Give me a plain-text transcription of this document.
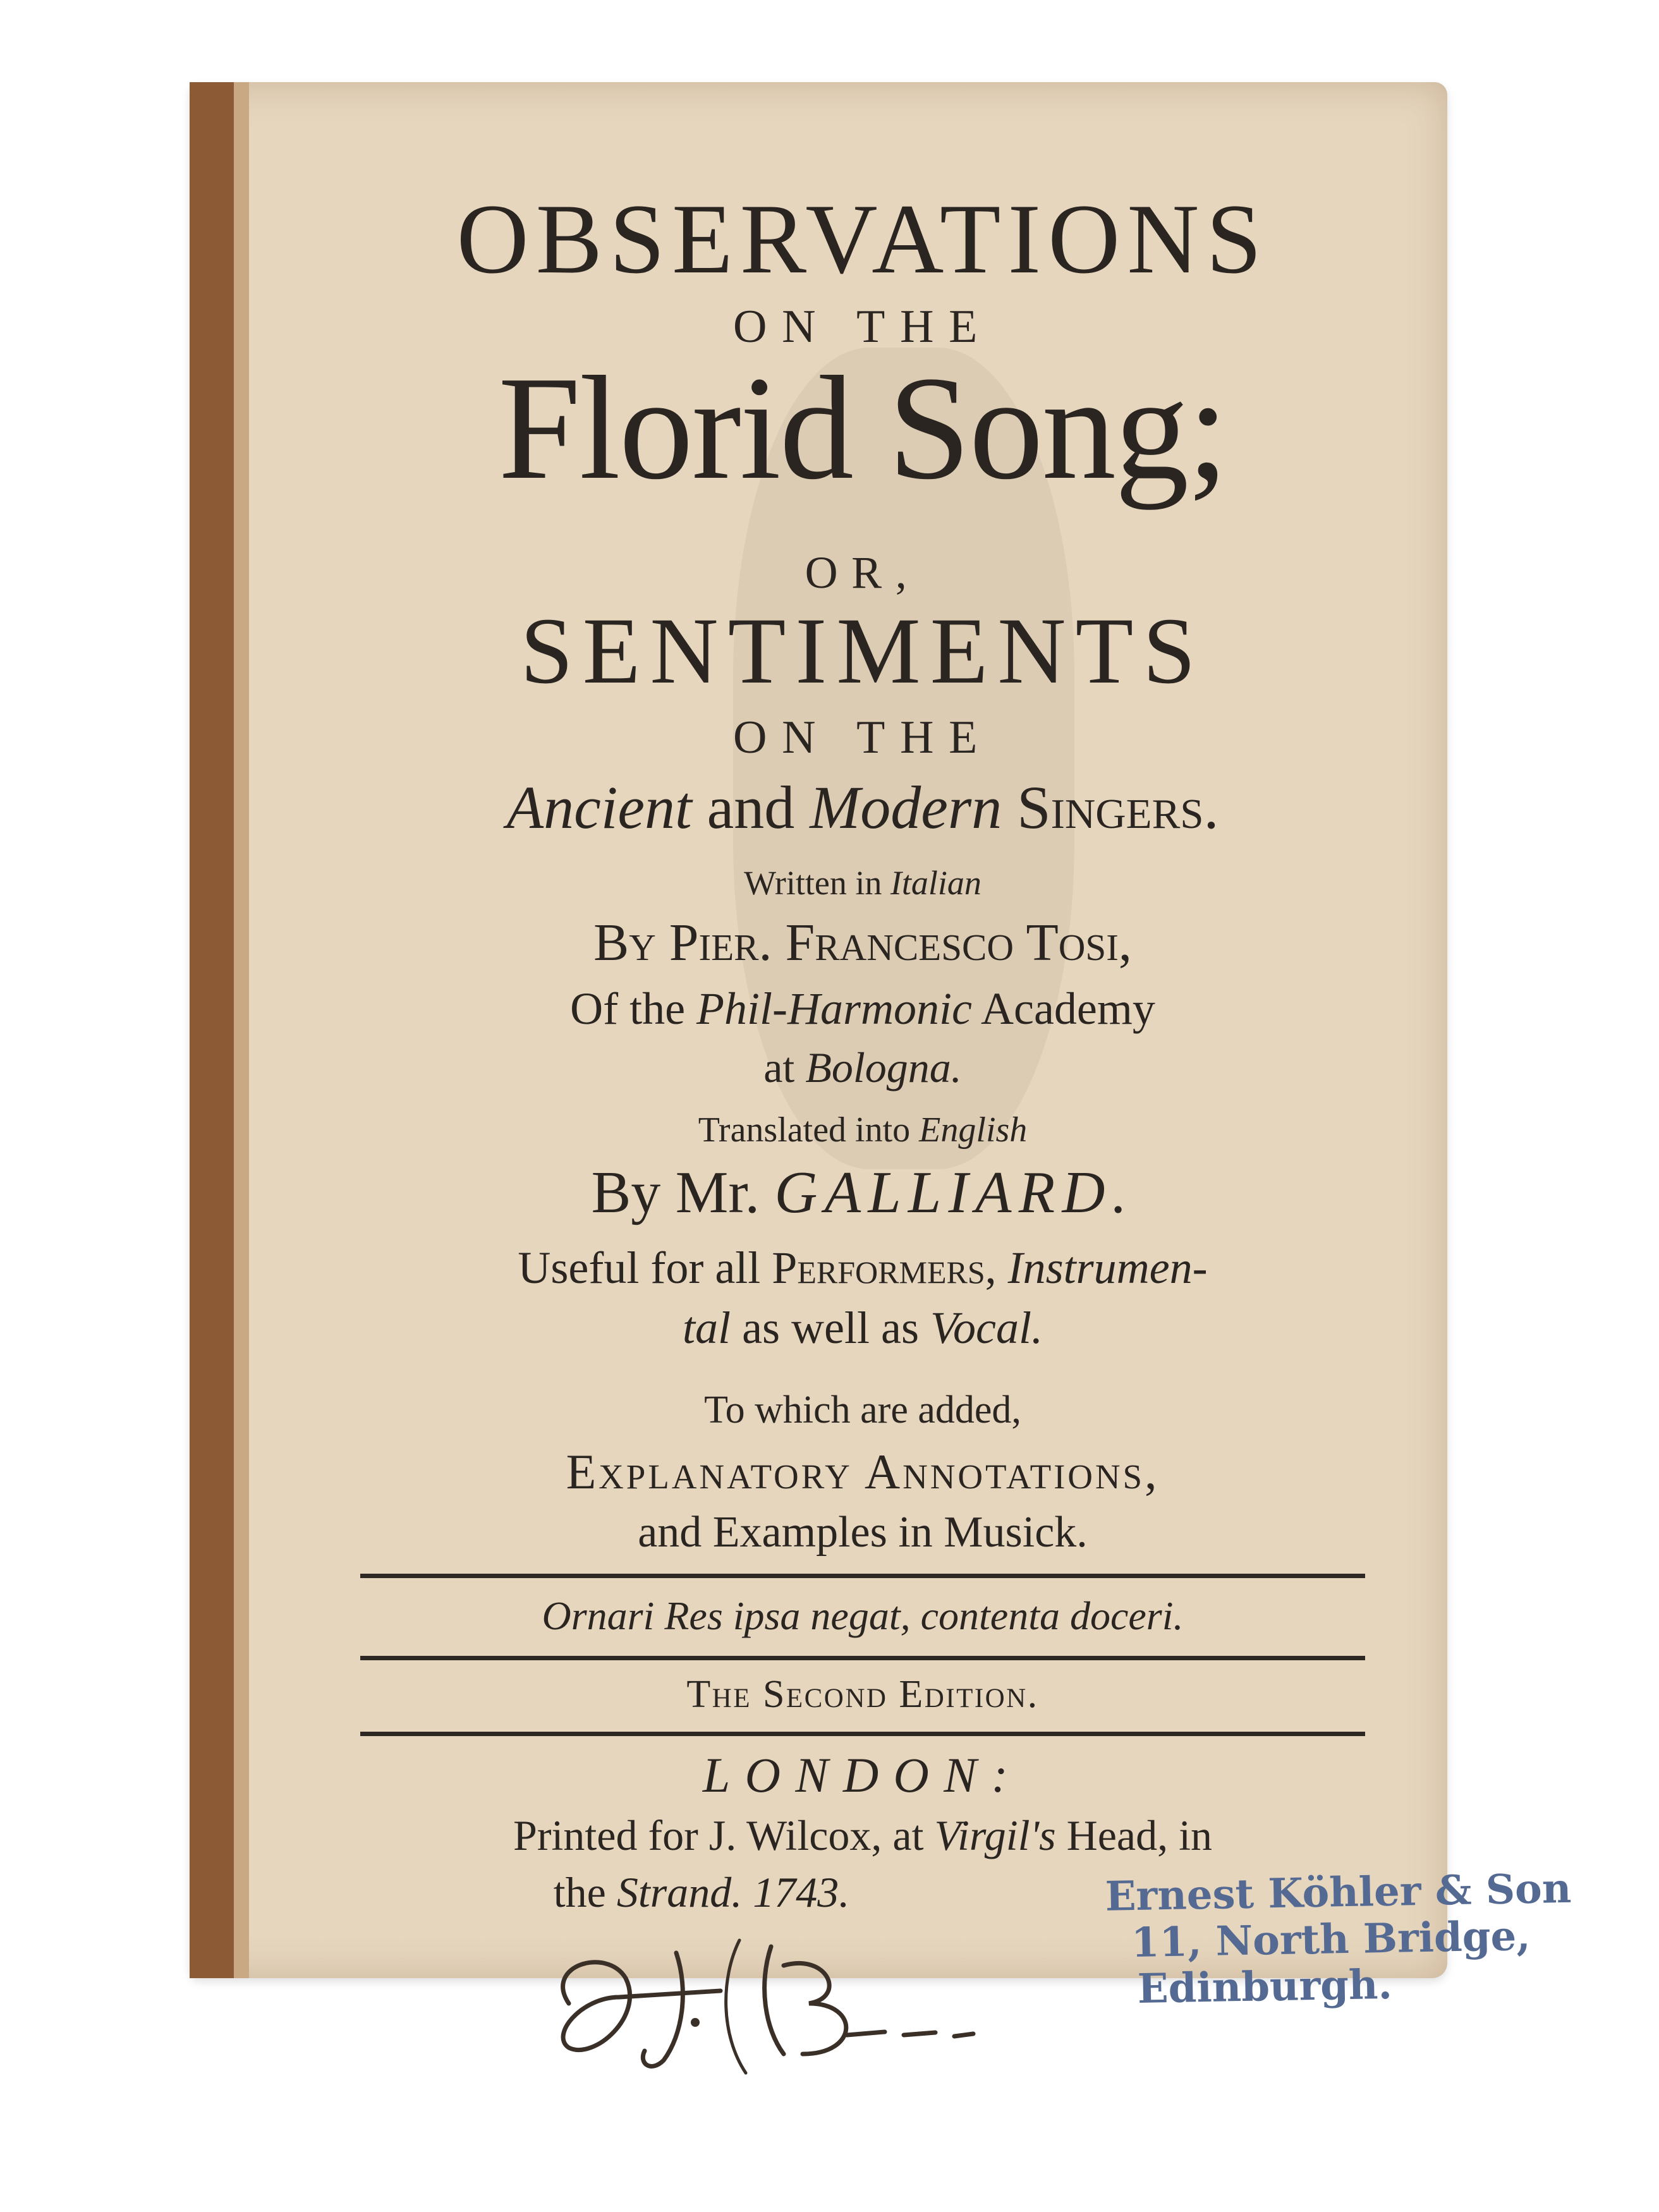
OBSERVATIONS
ON THE
Florid Song;
OR,
SENTIMENTS
ON THE
Ancient and Modern Singers.
Written in Italian
By Pier. Francesco Tosi,
Of the Phil-Harmonic Academy
at Bologna.
Translated into English
By Mr. GALLIARD.
Useful for all Performers, Instrumen-
tal as well as Vocal.
To which are added,
Explanatory Annotations,
and Examples in Musick.
Ornari Res ipsa negat, contenta doceri.
The Second Edition.
LONDON:
Printed for J. Wilcox, at Virgil's Head, in
the Strand. 1743.	Ernest Köhler & Son
11, North Bridge,
Edinburgh.
